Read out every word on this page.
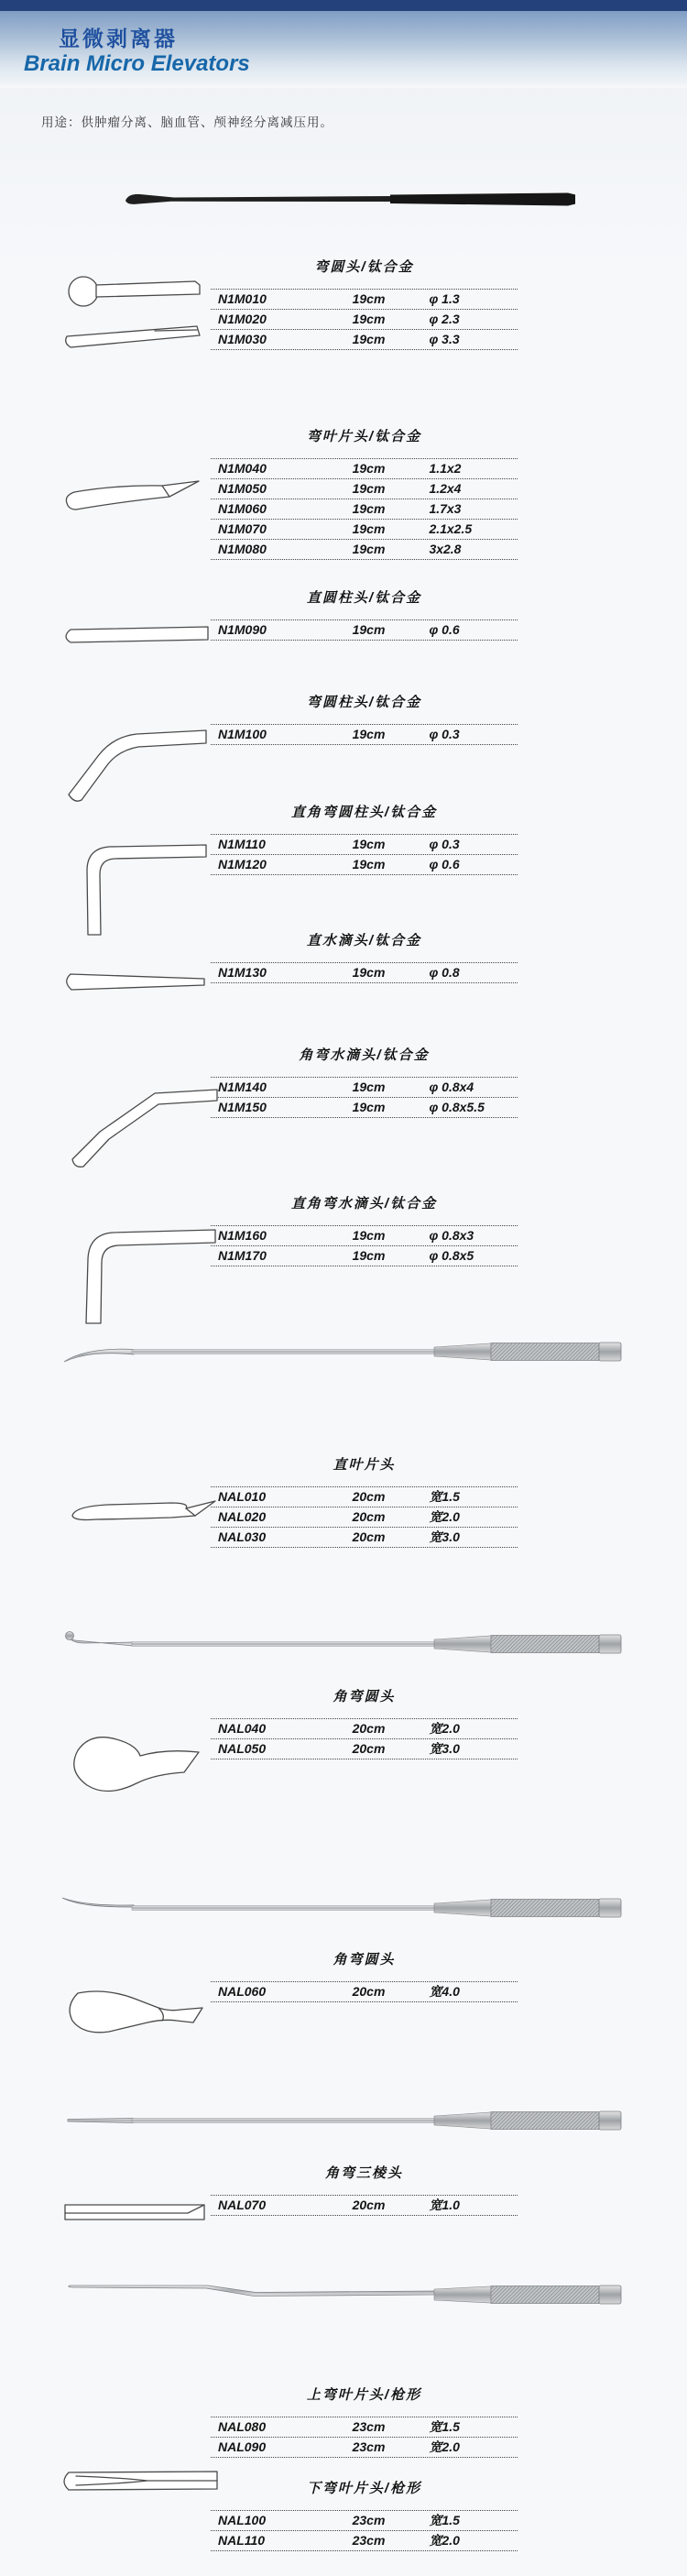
显微剥离器
Brain Micro Elevators
用途：供肿瘤分离、脑血管、颅神经分离减压用。
弯圆头/钛合金
N1M010	19cm	φ 1.3
N1M020	19cm	φ 2.3
N1M030	19cm	φ 3.3
弯叶片头/钛合金
N1M040	19cm	1.1x2
N1M050	19cm	1.2x4
N1M060	19cm	1.7x3
N1M070	19cm	2.1x2.5
N1M080	19cm	3x2.8
直圆柱头/钛合金
N1M090	19cm	φ 0.6
弯圆柱头/钛合金
N1M100	19cm	φ 0.3
直角弯圆柱头/钛合金
N1M110	19cm	φ 0.3
N1M120	19cm	φ 0.6
直水滴头/钛合金
N1M130	19cm	φ 0.8
角弯水滴头/钛合金
N1M140	19cm	φ 0.8x4
N1M150	19cm	φ 0.8x5.5
直角弯水滴头/钛合金
N1M160	19cm	φ 0.8x3
N1M170	19cm	φ 0.8x5
直叶片头
NAL010	20cm	宽1.5
NAL020	20cm	宽2.0
NAL030	20cm	宽3.0
角弯圆头
NAL040	20cm	宽2.0
NAL050	20cm	宽3.0
角弯圆头
NAL060	20cm	宽4.0
角弯三棱头
NAL070	20cm	宽1.0
上弯叶片头/枪形
NAL080	23cm	宽1.5
NAL090	23cm	宽2.0
下弯叶片头/枪形
NAL100	23cm	宽1.5
NAL110	23cm	宽2.0
